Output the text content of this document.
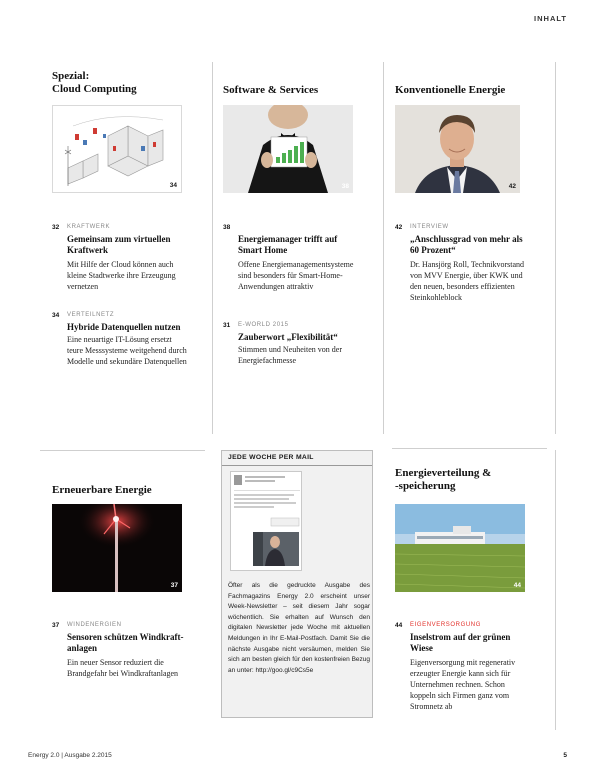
INHALT
Spezial:
Cloud Computing
34
32 KRAFTWERK
Gemeinsam zum virtuellen Kraftwerk
Mit Hilfe der Cloud können auch kleine Stadtwerke ihre Erzeugung vernetzen
34 VERTEILNETZ
Hybride Datenquellen nutzen
Eine neuartige IT-Lösung ersetzt teure Messsysteme weitgehend durch Modelle und sekundäre Datenquellen
Software & Services
38
38
Energiemanager trifft auf Smart Home
Offene Energiemanagementsysteme sind besonders für Smart-Home-Anwendungen attraktiv
31 E-WORLD 2015
Zauberwort „Flexibilität“
Stimmen und Neuheiten von der Energiefachmesse
Konventionelle Energie
42
42 INTERVIEW
„Anschlussgrad von mehr als 60 Prozent“
Dr. Hansjörg Roll, Technikvorstand von MVV Energie, über KWK und den neuen, besonders effizienten Steinkohleblock
Erneuerbare Energie
37
37 WINDENERGIEN
Sensoren schützen Windkraftanlagen
Ein neuer Sensor reduziert die Brandgefahr bei Windkraftanlagen
JEDE WOCHE PER MAIL
Öfter als die gedruckte Ausgabe des Fachmagazins Energy 2.0 erscheint unser Week-Newsletter – seit diesem Jahr sogar wöchentlich. Sie erhalten auf Wunsch den digitalen Newsletter jede Woche mit aktuellen Meldungen in Ihr E-Mail-Postfach. Damit Sie die nächste Ausgabe nicht versäumen, melden Sie sich am besten gleich für den kostenfreien Bezug an unter: http://goo.gl/c9Cs5e
Energieverteilung &
-speicherung
44
44 EIGENVERSORGUNG
Inselstrom auf der grünen Wiese
Eigenversorgung mit regenerativ erzeugter Energie kann sich für Unternehmen rechnen. Schon koppeln sich Firmen ganz vom Stromnetz ab
Energy 2.0 | Ausgabe 2.2015	5
